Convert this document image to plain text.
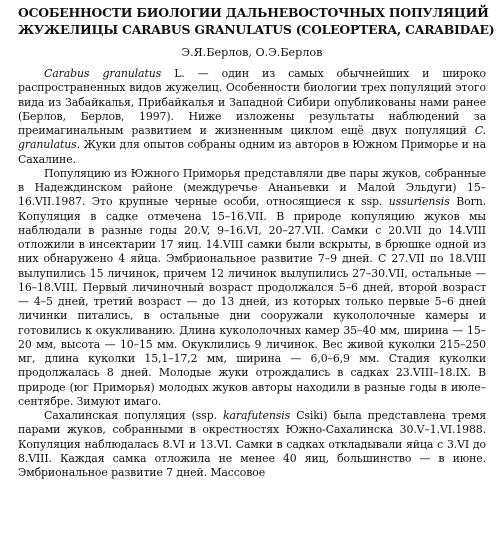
ОСОБЕННОСТИ БИОЛОГИИ ДАЛЬНЕВОСТОЧНЫХ ПОПУЛЯЦИЙ
ЖУЖЕЛИЦЫ CARABUS GRANULATUS (COLEOPTERA, CARABIDAE)
Э.Я.Берлов, О.Э.Берлов

Carabus granulatus L. — один из самых обычнейших и широко распространенных видов жужелиц. Особенности биологии трех популяций этого вида из Забайкалья, Прибайкалья и Западной Сибири опубликованы нами ранее (Берлов, Берлов, 1997). Ниже изложены результаты наблюдений за преимагинальным развитием и жизненным циклом ещё двух популяций C. granulatus. Жуки для опытов собраны одним из авторов в Южном Приморье и на Сахалине.

Популяцию из Южного Приморья представляли две пары жуков, собранные в Надеждинском районе (междуречье Ананьевки и Малой Эльдуги) 15–16.VII.1987. Это крупные черные особи, относящиеся к ssp. ussuriensis Born. Копуляция в садке отмечена 15–16.VII. В природе копуляцию жуков мы наблюдали в разные годы 20.V, 9–16.VI, 20–27.VII. Самки с 20.VII до 14.VIII отложили в инсектарии 17 яиц. 14.VIII самки были вскрыты, в брюшке одной из них обнаружено 4 яйца. Эмбриональное развитие 7–9 дней. С 27.VII по 18.VIII вылупились 15 личинок, причем 12 личинок вылупились 27–30.VII, остальные — 16–18.VIII. Первый личиночный возраст продолжался 5–6 дней, второй возраст — 4–5 дней, третий возраст — до 13 дней, из которых только первые 5–6 дней личинки питались, в остальные дни сооружали кукололочные камеры и готовились к окукливанию. Длина кукололочных камер 35–40 мм, ширина — 15–20 мм, высота — 10–15 мм. Окуклились 9 личинок. Вес живой куколки 215–250 мг, длина куколки 15,1–17,2 мм, ширина — 6,0–6,9 мм. Стадия куколки продолжалась 8 дней. Молодые жуки отрождались в садках 23.VIII–18.IX. В природе (юг Приморья) молодых жуков авторы находили в разные годы в июле–сентябре. Зимуют имаго.

Сахалинская популяция (ssp. karafutensis Csiki) была представлена тремя парами жуков, собранными в окрестностях Южно-Сахалинска 30.V–1.VI.1988. Копуляция наблюдалась 8.VI и 13.VI. Самки в садках откладывали яйца с 3.VI до 8.VIII. Каждая самка отложила не менее 40 яиц, большинство — в июне. Эмбриональное развитие 7 дней. Массовое
